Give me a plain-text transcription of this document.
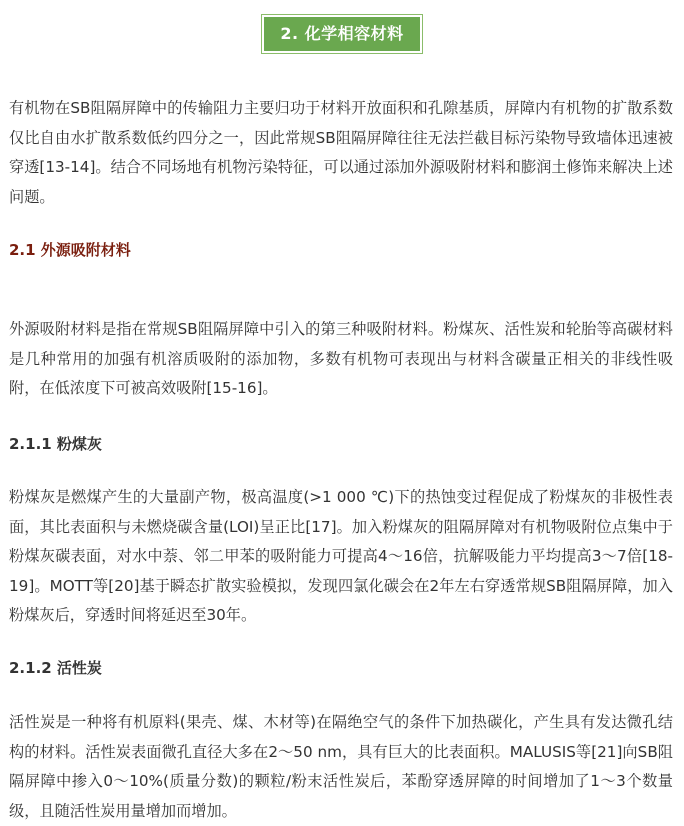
2. 化学相容材料

有机物在SB阻隔屏障中的传输阻力主要归功于材料开放面积和孔隙基质，屏障内有机物的扩散系数仅比自由水扩散系数低约四分之一，因此常规SB阻隔屏障往往无法拦截目标污染物导致墙体迅速被穿透[13-14]。结合不同场地有机物污染特征，可以通过添加外源吸附材料和膨润土修饰来解决上述问题。

2.1 外源吸附材料

外源吸附材料是指在常规SB阻隔屏障中引入的第三种吸附材料。粉煤灰、活性炭和轮胎等高碳材料是几种常用的加强有机溶质吸附的添加物，多数有机物可表现出与材料含碳量正相关的非线性吸附，在低浓度下可被高效吸附[15-16]。

2.1.1 粉煤灰

粉煤灰是燃煤产生的大量副产物，极高温度(>1 000 ℃)下的热蚀变过程促成了粉煤灰的非极性表面，其比表面积与未燃烧碳含量(LOI)呈正比[17]。加入粉煤灰的阻隔屏障对有机物吸附位点集中于粉煤灰碳表面，对水中萘、邻二甲苯的吸附能力可提高4～16倍，抗解吸能力平均提高3～7倍[18-19]。MOTT等[20]基于瞬态扩散实验模拟，发现四氯化碳会在2年左右穿透常规SB阻隔屏障，加入粉煤灰后，穿透时间将延迟至30年。

2.1.2 活性炭

活性炭是一种将有机原料(果壳、煤、木材等)在隔绝空气的条件下加热碳化，产生具有发达微孔结构的材料。活性炭表面微孔直径大多在2～50 nm，具有巨大的比表面积。MALUSIS等[21]向SB阻隔屏障中掺入0～10%(质量分数)的颗粒/粉末活性炭后，苯酚穿透屏障的时间增加了1～3个数量级，且随活性炭用量增加而增加。
